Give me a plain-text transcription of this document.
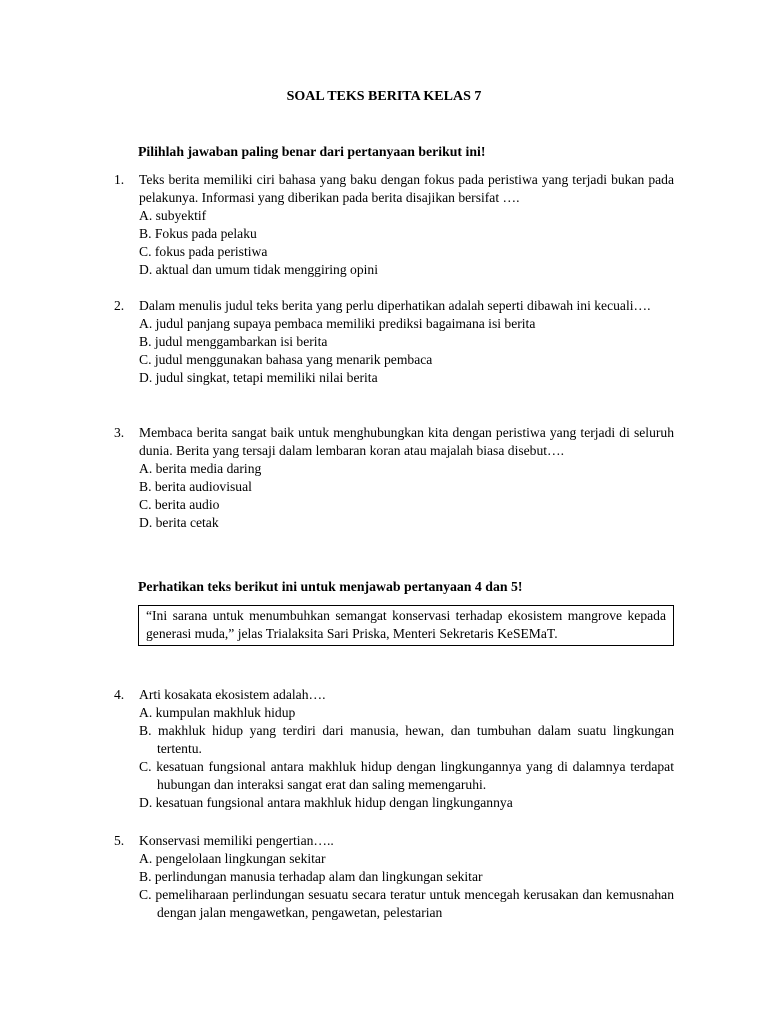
SOAL TEKS BERITA KELAS 7
Pilihlah jawaban paling benar dari pertanyaan berikut ini!
1. Teks berita memiliki ciri bahasa yang baku dengan fokus pada peristiwa yang terjadi bukan pada pelakunya. Informasi yang diberikan pada berita disajikan bersifat ….
A. subyektif
B. Fokus pada pelaku
C. fokus pada peristiwa
D. aktual dan umum tidak menggiring opini
2. Dalam menulis judul teks berita yang perlu diperhatikan adalah seperti dibawah ini kecuali….
A. judul panjang supaya pembaca memiliki prediksi bagaimana isi berita
B. judul menggambarkan isi berita
C. judul menggunakan bahasa yang menarik pembaca
D. judul singkat, tetapi memiliki nilai berita
3. Membaca berita sangat baik untuk menghubungkan kita dengan peristiwa yang terjadi di seluruh dunia. Berita yang tersaji dalam lembaran koran atau majalah biasa disebut….
A. berita media daring
B. berita audiovisual
C. berita audio
D. berita cetak
Perhatikan teks berikut ini untuk menjawab pertanyaan 4 dan 5!
“Ini sarana untuk menumbuhkan semangat konservasi terhadap ekosistem mangrove kepada generasi muda,” jelas Trialaksita Sari Priska, Menteri Sekretaris KeSEMaT.
4. Arti kosakata ekosistem adalah….
A. kumpulan makhluk hidup
B. makhluk hidup yang terdiri dari manusia, hewan, dan tumbuhan dalam suatu lingkungan tertentu.
C. kesatuan fungsional antara makhluk hidup dengan lingkungannya yang di dalamnya terdapat hubungan dan interaksi sangat erat dan saling memengaruhi.
D. kesatuan fungsional antara makhluk hidup dengan lingkungannya
5. Konservasi memiliki pengertian…..
A. pengelolaan lingkungan sekitar
B. perlindungan manusia terhadap alam dan lingkungan sekitar
C. pemeliharaan perlindungan sesuatu secara teratur untuk mencegah kerusakan dan kemusnahan dengan jalan mengawetkan, pengawetan, pelestarian
